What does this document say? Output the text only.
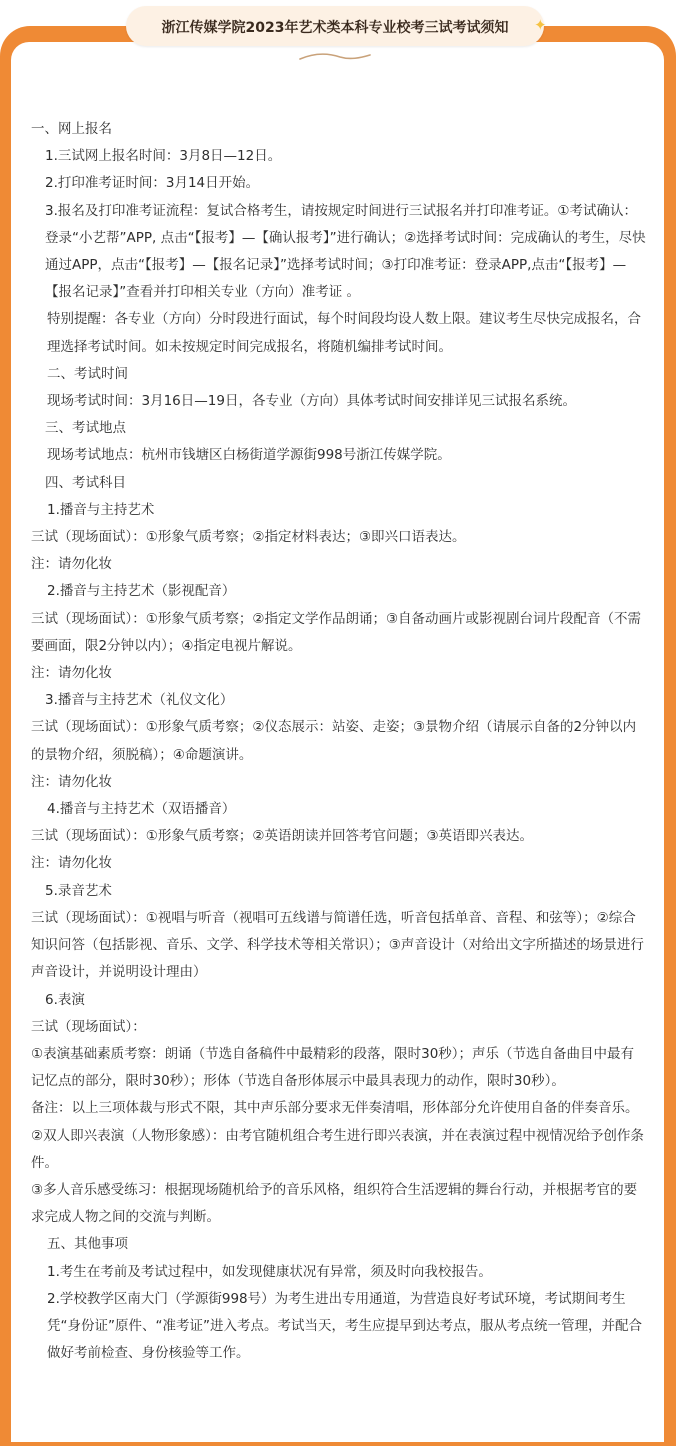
浙江传媒学院2023年艺术类本科专业校考三试考试须知	✦

一、网上报名

1.三试网上报名时间：3月8日—12日。

2.打印准考证时间：3月14日开始。

3.报名及打印准考证流程：复试合格考生，请按规定时间进行三试报名并打印准考证。①考试确认：登录“小艺帮”APP, 点击“【报考】—【确认报考】”进行确认；②选择考试时间：完成确认的考生，尽快通过APP，点击“【报考】—【报名记录】”选择考试时间；③打印准考证：登录APP,点击“【报考】—【报名记录】”查看并打印相关专业（方向）准考证 。

特别提醒：各专业（方向）分时段进行面试，每个时间段均设人数上限。建议考生尽快完成报名，合理选择考试时间。如未按规定时间完成报名，将随机编排考试时间。

二、考试时间

现场考试时间：3月16日—19日，各专业（方向）具体考试时间安排详见三试报名系统。

三、考试地点

现场考试地点：杭州市钱塘区白杨街道学源街998号浙江传媒学院。

四、考试科目

1.播音与主持艺术

三试（现场面试）：①形象气质考察；②指定材料表达；③即兴口语表达。

注：请勿化妆

2.播音与主持艺术（影视配音）

三试（现场面试）：①形象气质考察；②指定文学作品朗诵；③自备动画片或影视剧台词片段配音（不需要画面，限2分钟以内）；④指定电视片解说。

注：请勿化妆

3.播音与主持艺术（礼仪文化）

三试（现场面试）：①形象气质考察；②仪态展示：站姿、走姿；③景物介绍（请展示自备的2分钟以内的景物介绍，须脱稿）；④命题演讲。

注：请勿化妆

4.播音与主持艺术（双语播音）

三试（现场面试）：①形象气质考察；②英语朗读并回答考官问题；③英语即兴表达。

注：请勿化妆

5.录音艺术

三试（现场面试）：①视唱与听音（视唱可五线谱与简谱任选，听音包括单音、音程、和弦等）；②综合知识问答（包括影视、音乐、文学、科学技术等相关常识）；③声音设计（对给出文字所描述的场景进行声音设计，并说明设计理由）

6.表演

三试（现场面试）：

①表演基础素质考察：朗诵（节选自备稿件中最精彩的段落，限时30秒）；声乐（节选自备曲目中最有记忆点的部分，限时30秒）；形体（节选自备形体展示中最具表现力的动作，限时30秒）。

备注：以上三项体裁与形式不限，其中声乐部分要求无伴奏清唱，形体部分允许使用自备的伴奏音乐。

②双人即兴表演（人物形象感）：由考官随机组合考生进行即兴表演，并在表演过程中视情况给予创作条件。

③多人音乐感受练习：根据现场随机给予的音乐风格，组织符合生活逻辑的舞台行动，并根据考官的要求完成人物之间的交流与判断。

五、其他事项

1.考生在考前及考试过程中，如发现健康状况有异常，须及时向我校报告。

2.学校教学区南大门（学源街998号）为考生进出专用通道，为营造良好考试环境，考试期间考生凭“身份证”原件、“准考证”进入考点。考试当天，考生应提早到达考点，服从考点统一管理，并配合做好考前检查、身份核验等工作。
